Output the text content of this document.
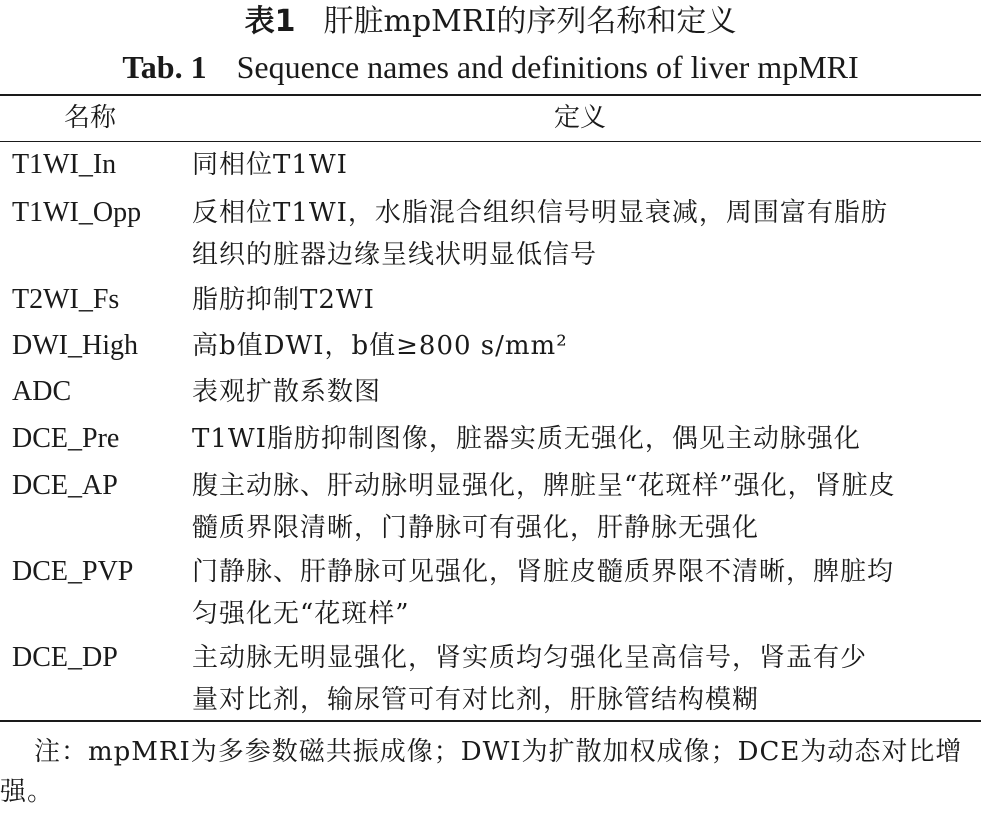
表1 肝脏mpMRI的序列名称和定义
Tab. 1 Sequence names and definitions of liver mpMRI
名称	定义
T1WI_In	同相位T1WI
T1WI_Opp 反相位T1WI，水脂混合组织信号明显衰减，周围富有脂肪
组织的脏器边缘呈线状明显低信号
T2WI_Fs	脂肪抑制T2WI
DWI_High 高b值DWI，b值≥800 s/mm²
ADC	表观扩散系数图
DCE_Pre	T1WI脂肪抑制图像，脏器实质无强化，偶见主动脉强化
DCE_AP	腹主动脉、肝动脉明显强化，脾脏呈“花斑样”强化，肾脏皮
髓质界限清晰，门静脉可有强化，肝静脉无强化
DCE_PVP 门静脉、肝静脉可见强化，肾脏皮髓质界限不清晰，脾脏均
匀强化无“花斑样”
DCE_DP	主动脉无明显强化，肾实质均匀强化呈高信号，肾盂有少
量对比剂，输尿管可有对比剂，肝脉管结构模糊
注：mpMRI为多参数磁共振成像；DWI为扩散加权成像；DCE为动态对比增强。
